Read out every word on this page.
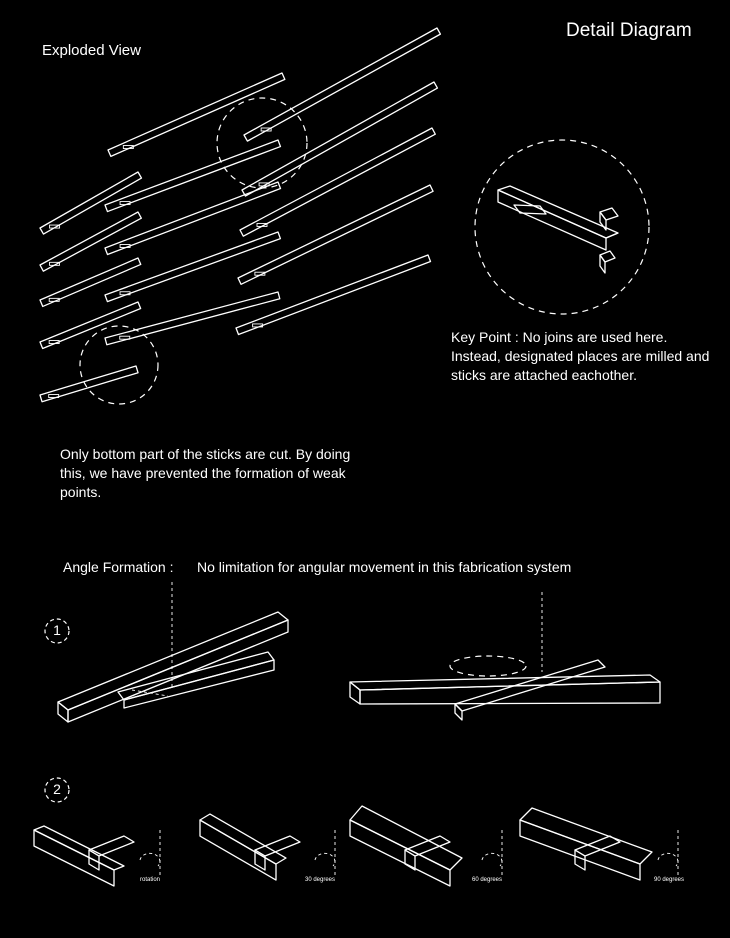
Detail Diagram
Exploded View
Key Point : No joins are used here. Instead, designated places are milled and sticks are attached eachother.
Only bottom part of the sticks are cut. By doing this, we have prevented the formation of weak points.
Angle Formation : No limitation for angular movement in this fabrication system
1
2
rotation	30 degrees	60 degrees	90 degrees
